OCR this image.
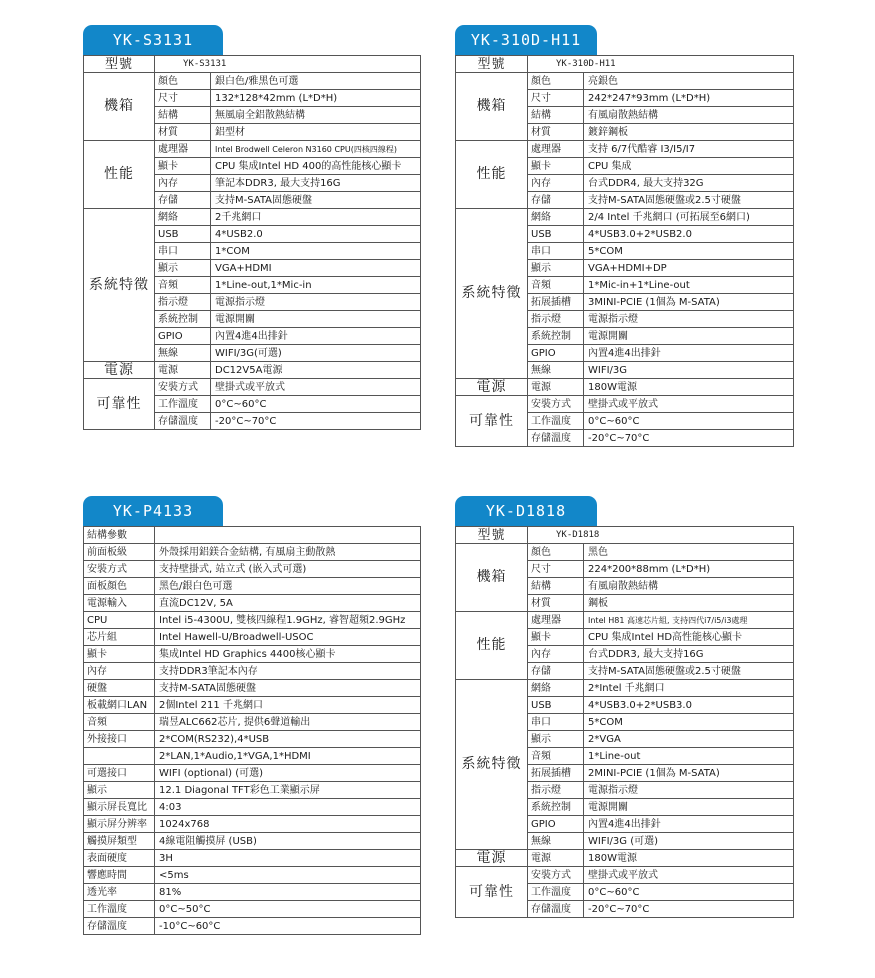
YK-S3131
型號	YK-S3131	
機箱	顏色	銀白色/雅黑色可選
	尺寸	132*128*42mm (L*D*H)
	結構	無風扇全鋁散熱結構
	材質	鋁型材
性能	處理器	Intel Brodwell Celeron N3160 CPU(四核四線程)
	顯卡	CPU 集成Intel HD 400的高性能核心顯卡
	內存	筆記本DDR3, 最大支持16G
	存儲	支持M-SATA固態硬盤
系統特徵	網絡	2千兆網口
	USB	4*USB2.0
	串口	1*COM
	顯示	VGA+HDMI
	音頻	1*Line-out,1*Mic-in
	指示燈	電源指示燈
	系統控制	電源開關
	GPIO	內置4進4出排針
	無線	WIFI/3G(可選)
電源	電源	DC12V5A電源
可靠性	安裝方式	壁掛式或平放式
	工作溫度	0°C~60°C
	存儲溫度	-20°C~70°C
YK-310D-H11
型號	YK-310D-H11	
機箱	顏色	亮銀色
	尺寸	242*247*93mm (L*D*H)
	結構	有風扇散熱結構
	材質	鍍鋅鋼板
性能	處理器	支持 6/7代酷睿 I3/I5/I7
	顯卡	CPU 集成
	內存	台式DDR4, 最大支持32G
	存儲	支持M-SATA固態硬盤或2.5寸硬盤
系統特徵	網絡	2/4 Intel 千兆網口 (可拓展至6網口)
	USB	4*USB3.0+2*USB2.0
	串口	5*COM
	顯示	VGA+HDMI+DP
	音頻	1*Mic-in+1*Line-out
	拓展插槽	3MINI-PCIE (1個為 M-SATA)
	指示燈	電源指示燈
	系統控制	電源開關
	GPIO	內置4進4出排針
	無線	WIFI/3G
電源	電源	180W電源
可靠性	安裝方式	壁掛式或平放式
	工作溫度	0°C~60°C
	存儲溫度	-20°C~70°C
YK-P4133
結構參數	
前面板級	外殼採用鋁鎂合金結構, 有風扇主動散熱
安裝方式	支持壁掛式, 站立式 (嵌入式可選)
面板顏色	黑色/銀白色可選
電源輸入	直流DC12V, 5A
CPU	Intel i5-4300U, 雙核四線程1.9GHz, 睿智超頻2.9GHz
芯片組	Intel Hawell-U/Broadwell-USOC
顯卡	集成Intel HD Graphics 4400核心顯卡
內存	支持DDR3筆記本內存
硬盤	支持M-SATA固態硬盤
板載網口LAN	2個Intel 211 千兆網口
音頻	瑞昱ALC662芯片, 提供6聲道輸出
外接接口	2*COM(RS232),4*USB
	2*LAN,1*Audio,1*VGA,1*HDMI
可選接口	WIFI (optional) (可選)
顯示	12.1 Diagonal TFT彩色工業顯示屏
顯示屏長寬比	4:03
顯示屏分辨率	1024x768
觸摸屏類型	4線電阻觸摸屏 (USB)
表面硬度	3H
響應時間	<5ms
透光率	81%
工作溫度	0°C~50°C
存儲溫度	-10°C~60°C
YK-D1818
型號	YK-D1818	
機箱	顏色	黑色
	尺寸	224*200*88mm (L*D*H)
	結構	有風扇散熱結構
	材質	鋼板
性能	處理器	Intel H81 高速芯片組, 支持四代i7/i5/i3處理
	顯卡	CPU 集成Intel HD高性能核心顯卡
	內存	台式DDR3, 最大支持16G
	存儲	支持M-SATA固態硬盤或2.5寸硬盤
系統特徵	網絡	2*Intel 千兆網口
	USB	4*USB3.0+2*USB3.0
	串口	5*COM
	顯示	2*VGA
	音頻	1*Line-out
	拓展插槽	2MINI-PCIE (1個為 M-SATA)
	指示燈	電源指示燈
	系統控制	電源開關
	GPIO	內置4進4出排針
	無線	WIFI/3G (可選)
電源	電源	180W電源
可靠性	安裝方式	壁掛式或平放式
	工作溫度	0°C~60°C
	存儲溫度	-20°C~70°C
